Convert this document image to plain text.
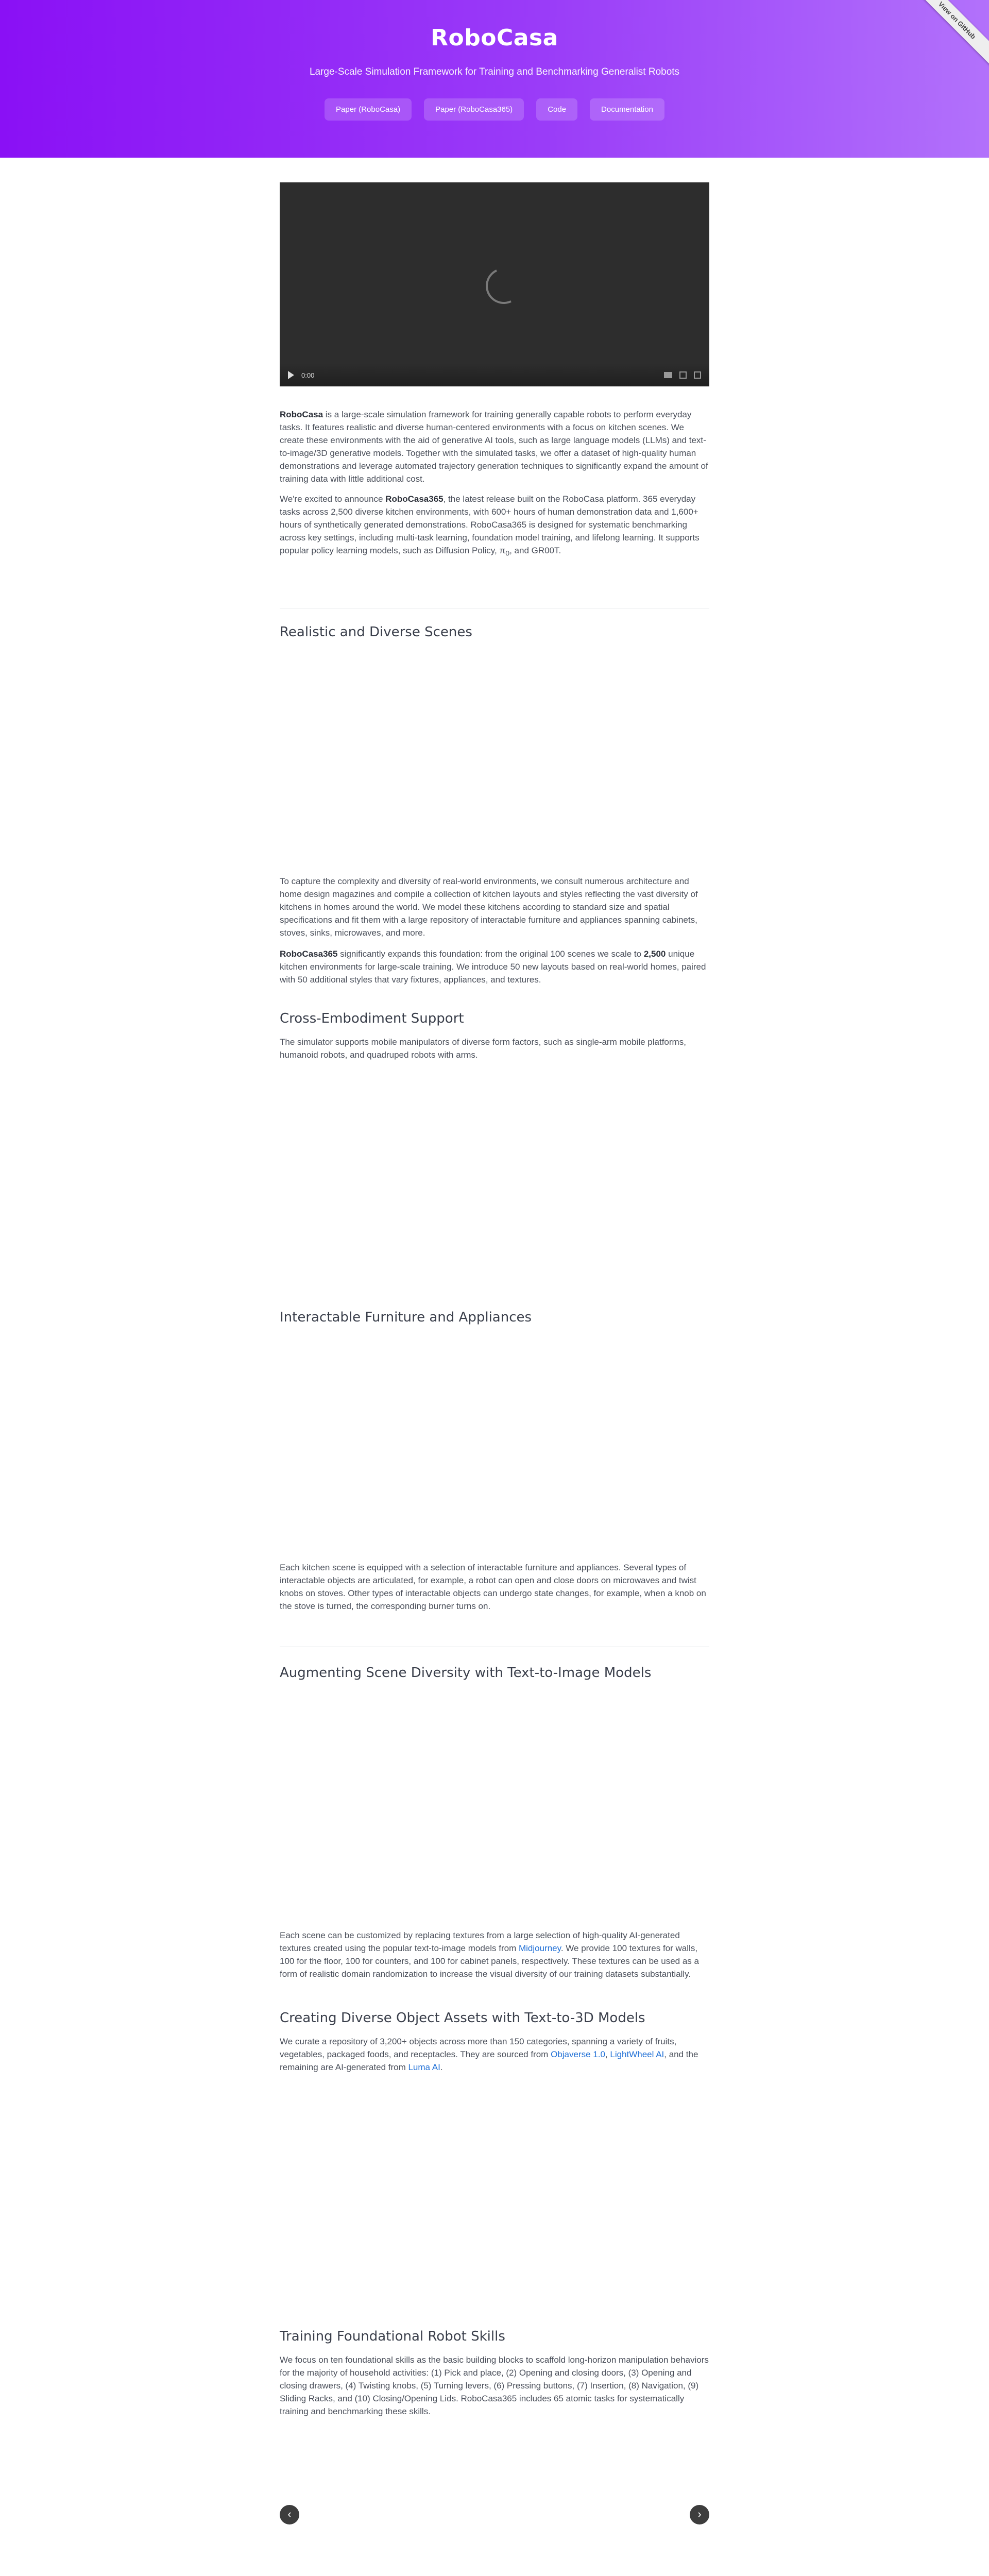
RoboCasa
Large-Scale Simulation Framework for Training and Benchmarking Generalist Robots
Paper (RoboCasa)	Paper (RoboCasa365)	Code	Documentation
View on GitHub
0:00

RoboCasa is a large-scale simulation framework for training generally capable robots to perform everyday tasks. It features realistic and diverse human-centered environments with a focus on kitchen scenes. We create these environments with the aid of generative AI tools, such as large language models (LLMs) and text-to-image/3D generative models. Together with the simulated tasks, we offer a dataset of high-quality human demonstrations and leverage automated trajectory generation techniques to significantly expand the amount of training data with little additional cost.

We're excited to announce RoboCasa365, the latest release built on the RoboCasa platform. 365 everyday tasks across 2,500 diverse kitchen environments, with 600+ hours of human demonstration data and 1,600+ hours of synthetically generated demonstrations. RoboCasa365 is designed for systematic benchmarking across key settings, including multi-task learning, foundation model training, and lifelong learning. It supports popular policy learning models, such as Diffusion Policy, $\pi_0$, and GR00T.

Realistic and Diverse Scenes

To capture the complexity and diversity of real-world environments, we consult numerous architecture and home design magazines and compile a collection of kitchen layouts and styles reflecting the vast diversity of kitchens in homes around the world. We model these kitchens according to standard size and spatial specifications and fit them with a large repository of interactable furniture and appliances spanning cabinets, stoves, sinks, microwaves, and more.

RoboCasa365 significantly expands this foundation: from the original 100 scenes we scale to 2,500 unique kitchen environments for large-scale training. We introduce 50 new layouts based on real-world homes, paired with 50 additional styles that vary fixtures, appliances, and textures.

Cross-Embodiment Support

The simulator supports mobile manipulators of diverse form factors, such as single-arm mobile platforms, humanoid robots, and quadruped robots with arms.

Interactable Furniture and Appliances

Each kitchen scene is equipped with a selection of interactable furniture and appliances. Several types of interactable objects are articulated, for example, a robot can open and close doors on microwaves and twist knobs on stoves. Other types of interactable objects can undergo state changes, for example, when a knob on the stove is turned, the corresponding burner turns on.

Augmenting Scene Diversity with Text-to-Image Models

Each scene can be customized by replacing textures from a large selection of high-quality AI-generated textures created using the popular text-to-image models from Midjourney. We provide 100 textures for walls, 100 for the floor, 100 for counters, and 100 for cabinet panels, respectively. These textures can be used as a form of realistic domain randomization to increase the visual diversity of our training datasets substantially.

Creating Diverse Object Assets with Text-to-3D Models

We curate a repository of 3,200+ objects across more than 150 categories, spanning a variety of fruits, vegetables, packaged foods, and receptacles. They are sourced from Objaverse 1.0, LightWheel AI, and the remaining are AI-generated from Luma AI.

Training Foundational Robot Skills

We focus on ten foundational skills as the basic building blocks to scaffold long-horizon manipulation behaviors for the majority of household activities: (1) Pick and place, (2) Opening and closing doors, (3) Opening and closing drawers, (4) Twisting knobs, (5) Turning levers, (6) Pressing buttons, (7) Insertion, (8) Navigation, (9) Sliding Racks, and (10) Closing/Opening Lids. RoboCasa365 includes 65 atomic tasks for systematically training and benchmarking these skills.

‹	›
